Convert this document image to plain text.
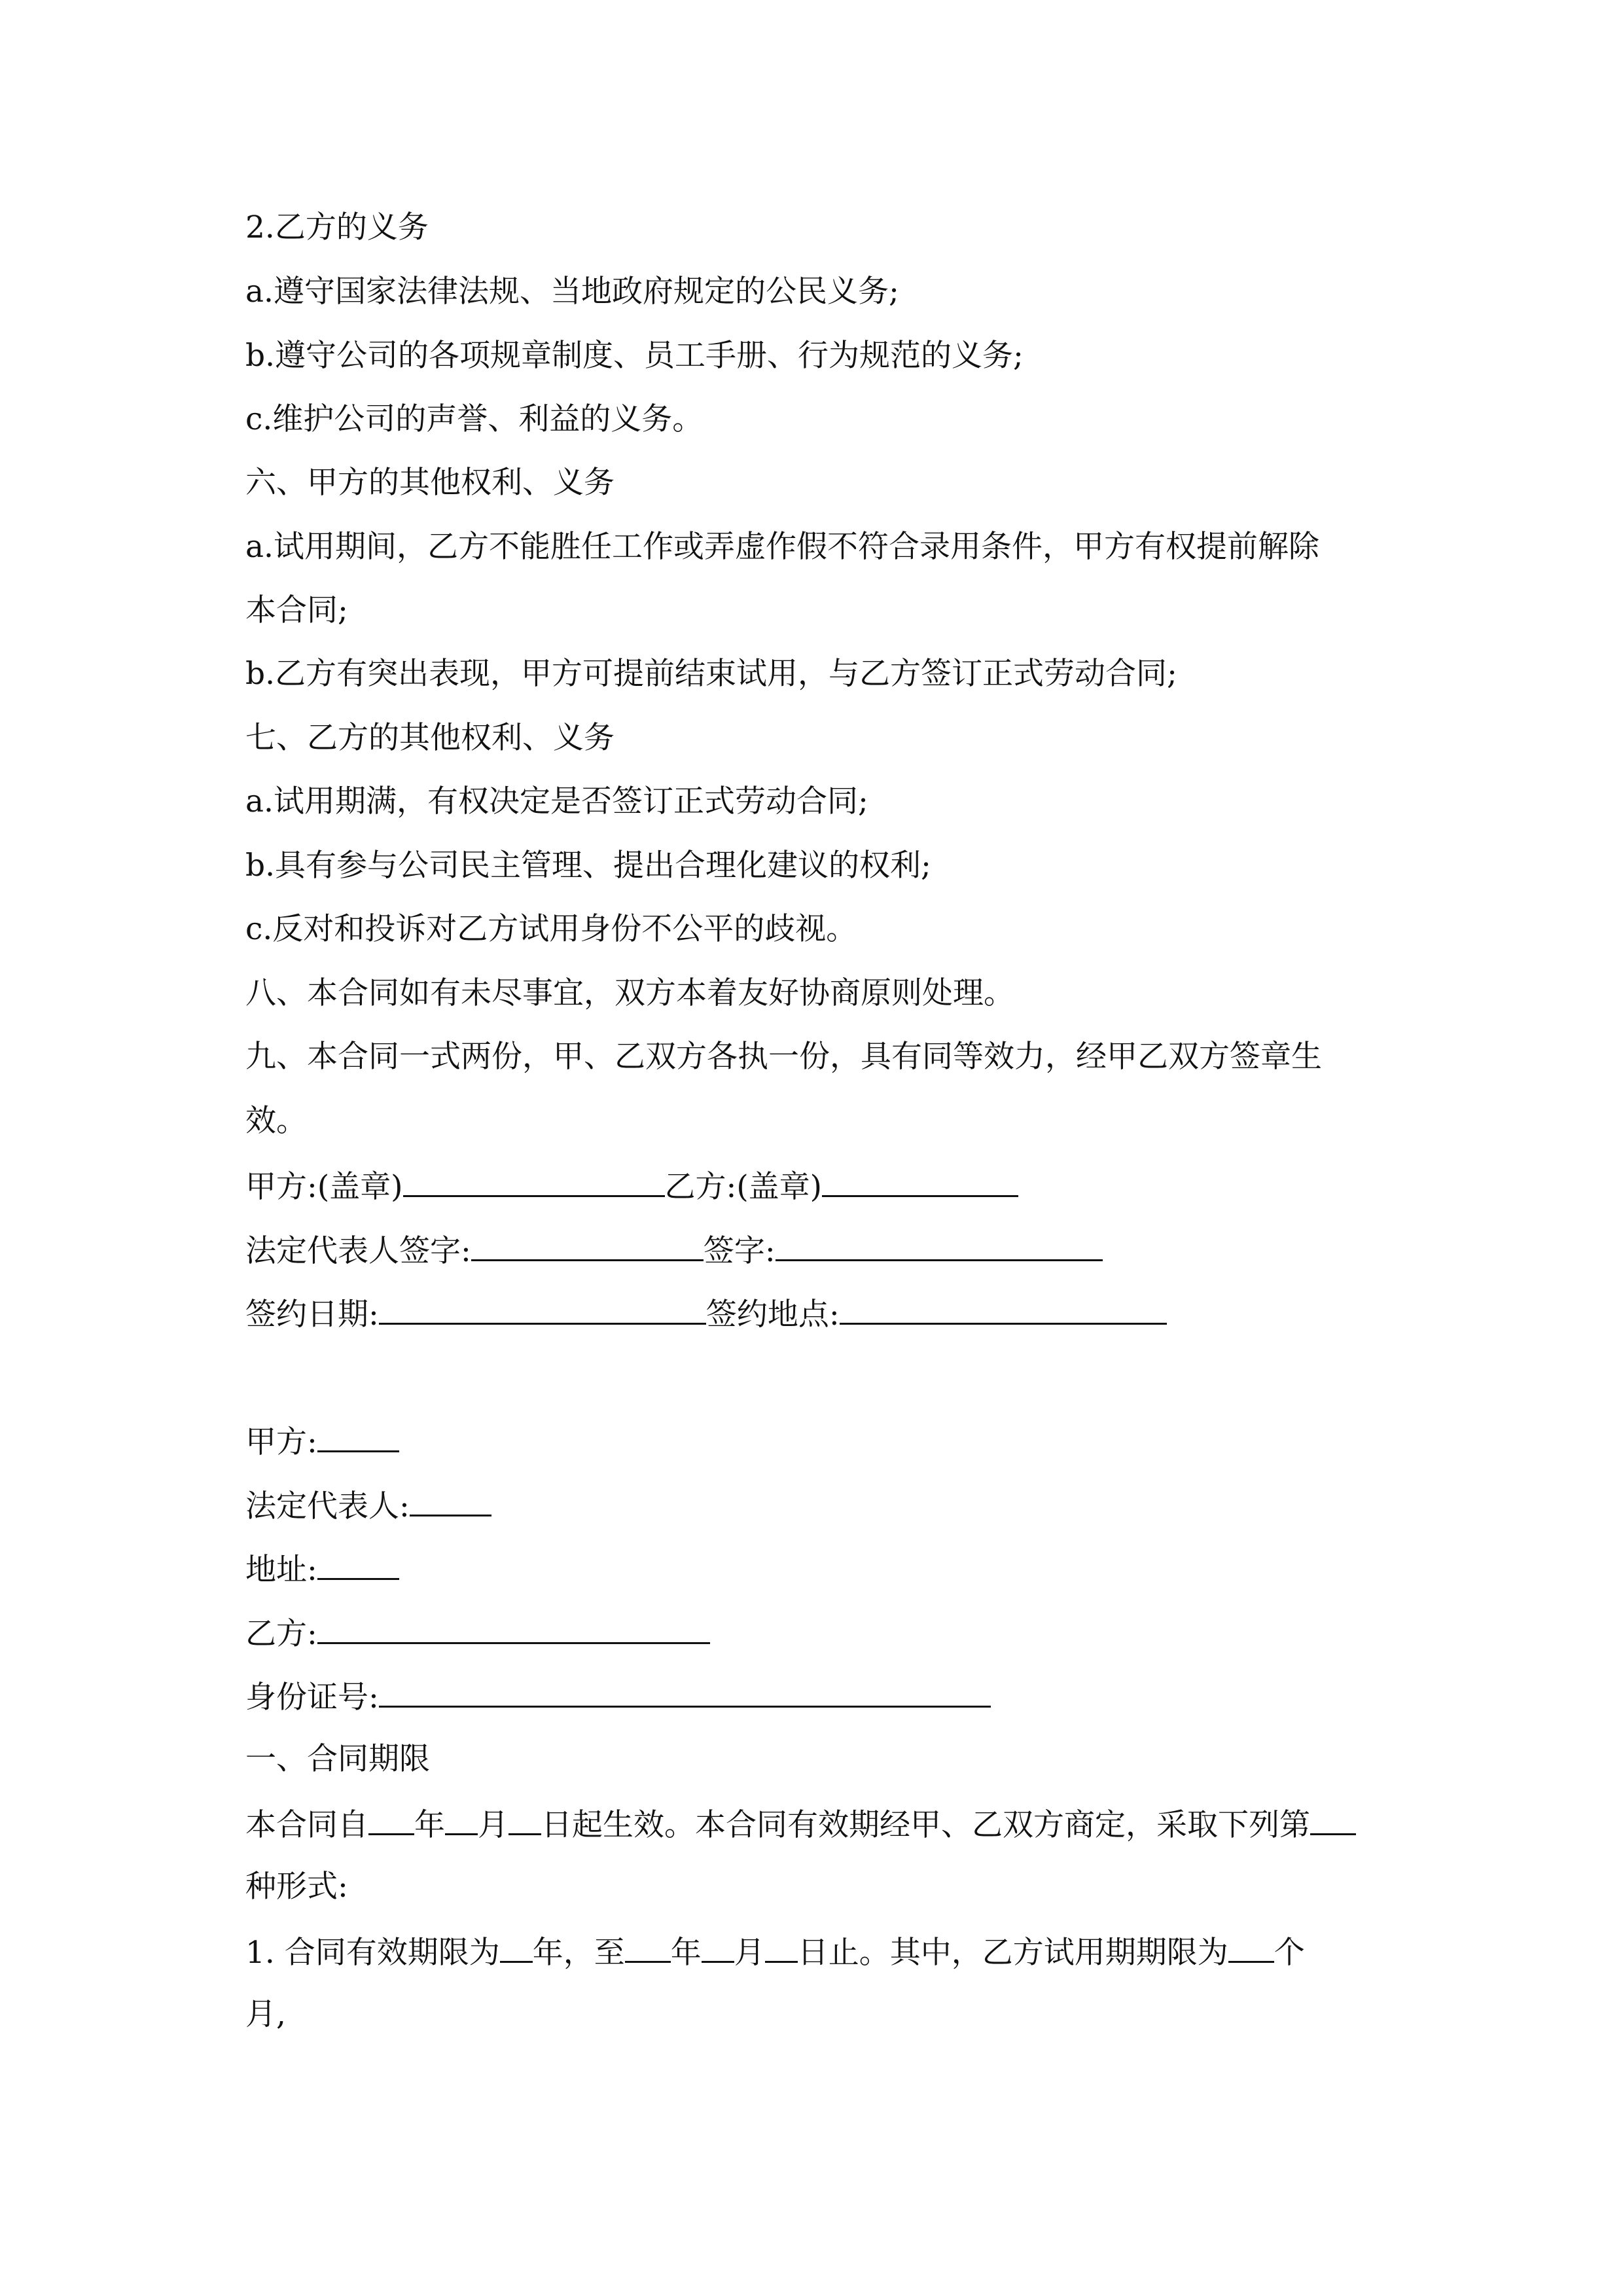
2.乙方的义务
a.遵守国家法律法规、当地政府规定的公民义务;
b.遵守公司的各项规章制度、员工手册、行为规范的义务;
c.维护公司的声誉、利益的义务。
六、甲方的其他权利、义务
a.试用期间，乙方不能胜任工作或弄虚作假不符合录用条件，甲方有权提前解除
本合同;
b.乙方有突出表现，甲方可提前结束试用，与乙方签订正式劳动合同;
七、乙方的其他权利、义务
a.试用期满，有权决定是否签订正式劳动合同;
b.具有参与公司民主管理、提出合理化建议的权利;
c.反对和投诉对乙方试用身份不公平的歧视。
八、本合同如有未尽事宜，双方本着友好协商原则处理。
九、本合同一式两份，甲、乙双方各执一份，具有同等效力，经甲乙双方签章生
效。
甲方:(盖章)	乙方:(盖章)
法定代表人签字:	签字:
签约日期:	签约地点:
甲方:
法定代表人:
地址:
乙方:
身份证号:
一、合同期限
本合同自 年 月 日起生效。本合同有效期经甲、乙双方商定，采取下列第
种形式:
1. 合同有效期限为 年，至 年 月 日止。其中，乙方试用期期限为 个
月,
